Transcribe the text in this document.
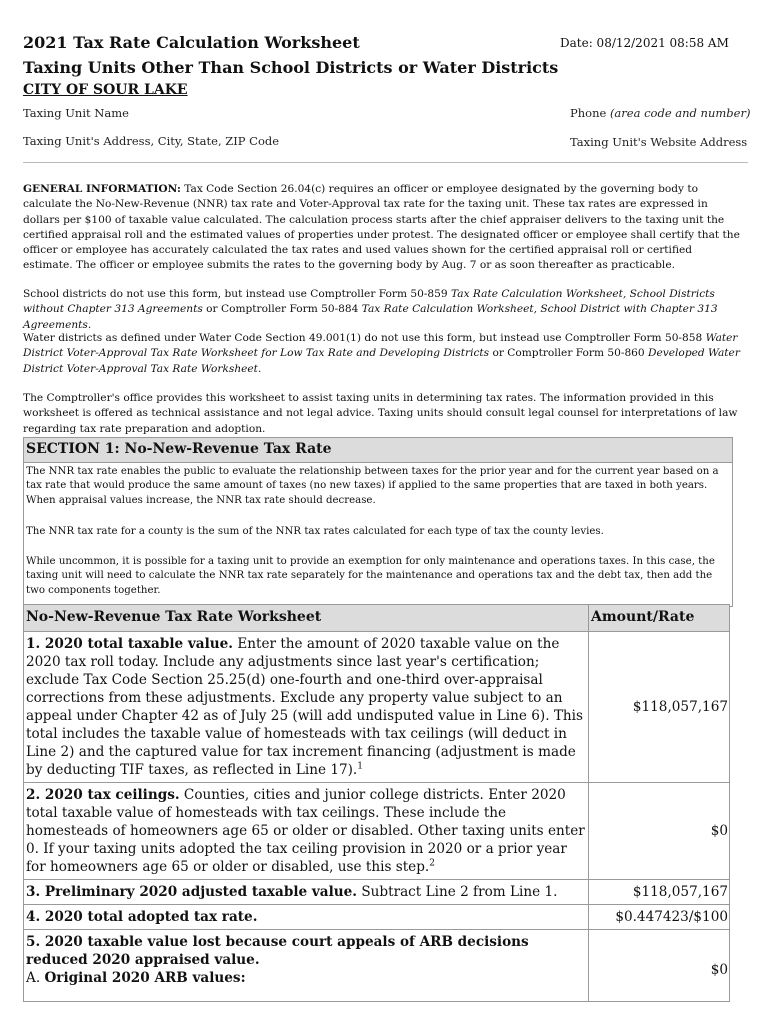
2021 Tax Rate Calculation Worksheet	Date: 08/12/2021 08:58 AM
Taxing Units Other Than School Districts or Water Districts
CITY OF SOUR LAKE
Taxing Unit Name	Phone (area code and number)
Taxing Unit's Address, City, State, ZIP Code	Taxing Unit's Website Address
GENERAL INFORMATION: Tax Code Section 26.04(c) requires an officer or employee designated by the governing body to calculate the No-New-Revenue (NNR) tax rate and Voter-Approval tax rate for the taxing unit. These tax rates are expressed in dollars per $100 of taxable value calculated. The calculation process starts after the chief appraiser delivers to the taxing unit the certified appraisal roll and the estimated values of properties under protest. The designated officer or employee shall certify that the officer or employee has accurately calculated the tax rates and used values shown for the certified appraisal roll or certified estimate. The officer or employee submits the rates to the governing body by Aug. 7 or as soon thereafter as practicable.
School districts do not use this form, but instead use Comptroller Form 50-859 Tax Rate Calculation Worksheet, School Districts without Chapter 313 Agreements or Comptroller Form 50-884 Tax Rate Calculation Worksheet, School District with Chapter 313 Agreements.
Water districts as defined under Water Code Section 49.001(1) do not use this form, but instead use Comptroller Form 50-858 Water District Voter-Approval Tax Rate Worksheet for Low Tax Rate and Developing Districts or Comptroller Form 50-860 Developed Water District Voter-Approval Tax Rate Worksheet.
The Comptroller's office provides this worksheet to assist taxing units in determining tax rates. The information provided in this worksheet is offered as technical assistance and not legal advice. Taxing units should consult legal counsel for interpretations of law regarding tax rate preparation and adoption.
SECTION 1: No-New-Revenue Tax Rate

The NNR tax rate enables the public to evaluate the relationship between taxes for the prior year and for the current year based on a tax rate that would produce the same amount of taxes (no new taxes) if applied to the same properties that are taxed in both years. When appraisal values increase, the NNR tax rate should decrease.

The NNR tax rate for a county is the sum of the NNR tax rates calculated for each type of tax the county levies.

While uncommon, it is possible for a taxing unit to provide an exemption for only maintenance and operations taxes. In this case, the taxing unit will need to calculate the NNR tax rate separately for the maintenance and operations tax and the debt tax, then add the two components together.

No-New-Revenue Tax Rate Worksheet	Amount/Rate
1. 2020 total taxable value. Enter the amount of 2020 taxable value on the 2020 tax roll today. Include any adjustments since last year's certification; exclude Tax Code Section 25.25(d) one-fourth and one-third over-appraisal corrections from these adjustments. Exclude any property value subject to an appeal under Chapter 42 as of July 25 (will add undisputed value in Line 6). This total includes the taxable value of homesteads with tax ceilings (will deduct in Line 2) and the captured value for tax increment financing (adjustment is made by deducting TIF taxes, as reflected in Line 17).$^1$	$118,057,167
2. 2020 tax ceilings. Counties, cities and junior college districts. Enter 2020 total taxable value of homesteads with tax ceilings. These include the homesteads of homeowners age 65 or older or disabled. Other taxing units enter 0. If your taxing units adopted the tax ceiling provision in 2020 or a prior year for homeowners age 65 or older or disabled, use this step.$^2$	$0
3. Preliminary 2020 adjusted taxable value. Subtract Line 2 from Line 1.	$118,057,167
4. 2020 total adopted tax rate.	$0.447423/$100
5. 2020 taxable value lost because court appeals of ARB decisions reduced 2020 appraised value.
A. Original 2020 ARB values:	$0
